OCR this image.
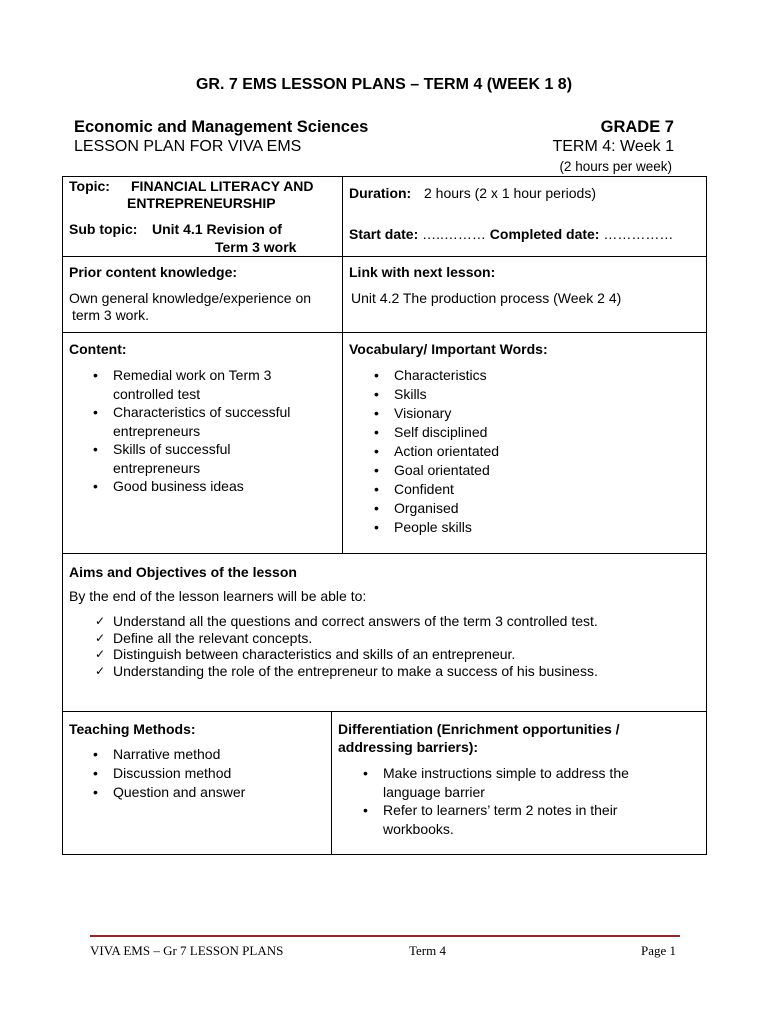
GR. 7 EMS LESSON PLANS – TERM 4 (WEEK 1 8)
Economic and Management Sciences	GRADE 7
LESSON PLAN FOR VIVA EMS	TERM 4: Week 1
(2 hours per week)
Topic: FINANCIAL LITERACY AND
ENTREPRENEURSHIP
Sub topic: Unit 4.1 Revision of
Term 3 work
Duration: 2 hours (2 x 1 hour periods)
Start date: …..……… Completed date: ……………
Prior content knowledge:
Own general knowledge/experience on
term 3 work.
Link with next lesson:
Unit 4.2 The production process (Week 2 4)
Content:
• Remedial work on Term 3
controlled test
• Characteristics of successful
entrepreneurs
• Skills of successful
entrepreneurs
• Good business ideas
Vocabulary/ Important Words:
• Characteristics
• Skills
• Visionary
• Self disciplined
• Action orientated
• Goal orientated
• Confident
• Organised
• People skills
Aims and Objectives of the lesson
By the end of the lesson learners will be able to:
✓ Understand all the questions and correct answers of the term 3 controlled test.
✓ Define all the relevant concepts.
✓ Distinguish between characteristics and skills of an entrepreneur.
✓ Understanding the role of the entrepreneur to make a success of his business.
Teaching Methods:
• Narrative method
• Discussion method
• Question and answer
Differentiation (Enrichment opportunities /
addressing barriers):
• Make instructions simple to address the
language barrier
• Refer to learners’ term 2 notes in their
workbooks.
VIVA EMS – Gr 7 LESSON PLANS	Term 4	Page 1
